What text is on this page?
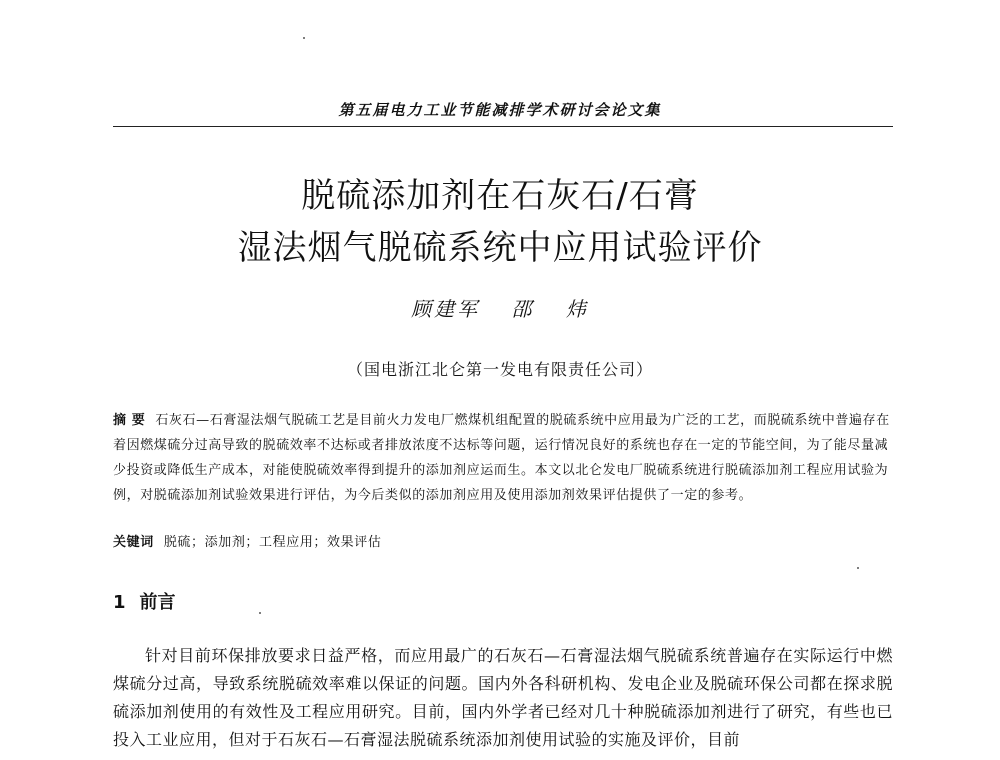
第五届电力工业节能减排学术研讨会论文集
脱硫添加剂在石灰石/石膏
湿法烟气脱硫系统中应用试验评价
顾建军 邵 炜
（国电浙江北仑第一发电有限责任公司）
摘 要 石灰石—石膏湿法烟气脱硫工艺是目前火力发电厂燃煤机组配置的脱硫系统中应用最为广泛的工艺，而脱硫系统中普遍存在着因燃煤硫分过高导致的脱硫效率不达标或者排放浓度不达标等问题，运行情况良好的系统也存在一定的节能空间，为了能尽量减少投资或降低生产成本，对能使脱硫效率得到提升的添加剂应运而生。本文以北仑发电厂脱硫系统进行脱硫添加剂工程应用试验为例，对脱硫添加剂试验效果进行评估，为今后类似的添加剂应用及使用添加剂效果评估提供了一定的参考。
关键词 脱硫；添加剂；工程应用；效果评估
1 前言
针对目前环保排放要求日益严格，而应用最广的石灰石—石膏湿法烟气脱硫系统普遍存在实际运行中燃煤硫分过高，导致系统脱硫效率难以保证的问题。国内外各科研机构、发电企业及脱硫环保公司都在探求脱硫添加剂使用的有效性及工程应用研究。目前，国内外学者已经对几十种脱硫添加剂进行了研究，有些也已投入工业应用，但对于石灰石—石膏湿法脱硫系统添加剂使用试验的实施及评价，目前
